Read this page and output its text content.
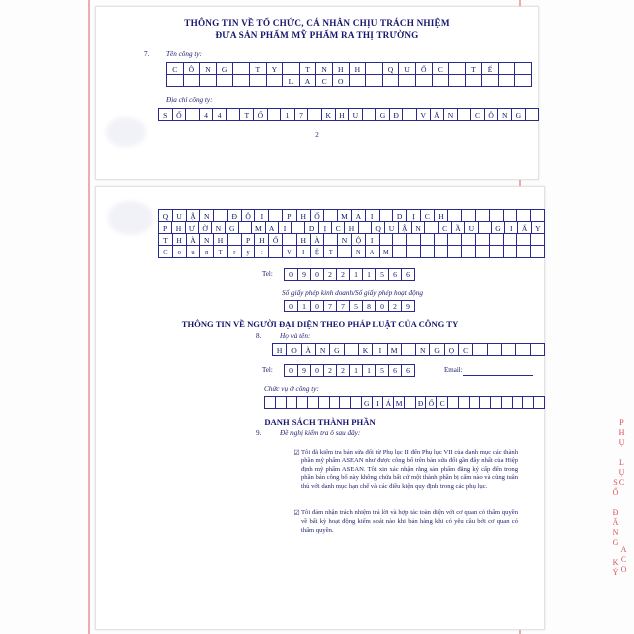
PHỤ LỤC
SỐ ĐĂNG KÝ ACO
THÔNG TIN VỀ TỔ CHỨC, CÁ NHÂN CHỊU TRÁCH NHIỆM
ĐƯA SẢN PHẨM MỸ PHẨM RA THỊ TRƯỜNG
7.	Tên công ty:
C	Ô	N	G	T	Y	T	N	H	H	Q	U	Ố	C	T	Ế
L	A	C	O
Địa chỉ công ty:
S	Ố	4	4	T	Ổ	1	7	K	H	U	G	Đ	V	Ă	N	C	Ô	N	G
2
Q	U	Ậ	N	Đ	Ộ	I	P	H	Ố	M	A	I	D	Ị	C	H
P	H	Ư	Ờ	N	G	M A	I	D	Ị	C	H	Q	U	Ậ	N	C	Ầ	U	G	I	Ấ	Y
T	H	À	N	H	P	H	Ố	H	À	N	Ộ	I
C	o	u	n	T	r	y	:	V	I	Ệ	T	N	A	M
Tel:	0	9	0	2	2	1	1	5	6	6
Số giấy phép kinh doanh/Số giấy phép hoạt động
0	1	0	7	7	5	8	0	2	9
THÔNG TIN VỀ NGƯỜI ĐẠI DIỆN THEO PHÁP LUẬT CỦA CÔNG TY
8.	Họ và tên:
H	O	À	N	G	K	I	M	N	G	Ọ	C
Tel:	0	9	0	2	2	1	1	5	6	6	Email:
Chức vụ ở công ty:
G I Á M	Đ Ố C
DANH SÁCH THÀNH PHẦN
9.	Đề nghị kiểm tra ô sau đây:
☑ Tôi đã kiểm tra bản sửa đổi từ Phụ lục II đến Phụ lục VII của danh mục các thành phần mỹ phẩm ASEAN như được công bố trên bản sửa đổi gần đây nhất của Hiệp định mỹ phẩm ASEAN. Tôi xin xác nhận rằng sản phẩm đăng ký cấp đến trong phần bản công bố này không chứa bất cứ một thành phần bị cấm nào và cũng tuân thủ với danh mục hạn chế và các điều kiện quy định trong các phụ lục.
☑ Tôi đảm nhận trách nhiệm trả lời và hợp tác toàn diện với cơ quan có thẩm quyền về bất kỳ hoạt động kiểm soát nào khi bản hàng khi có yêu cầu bởi cơ quan có thẩm quyền.
